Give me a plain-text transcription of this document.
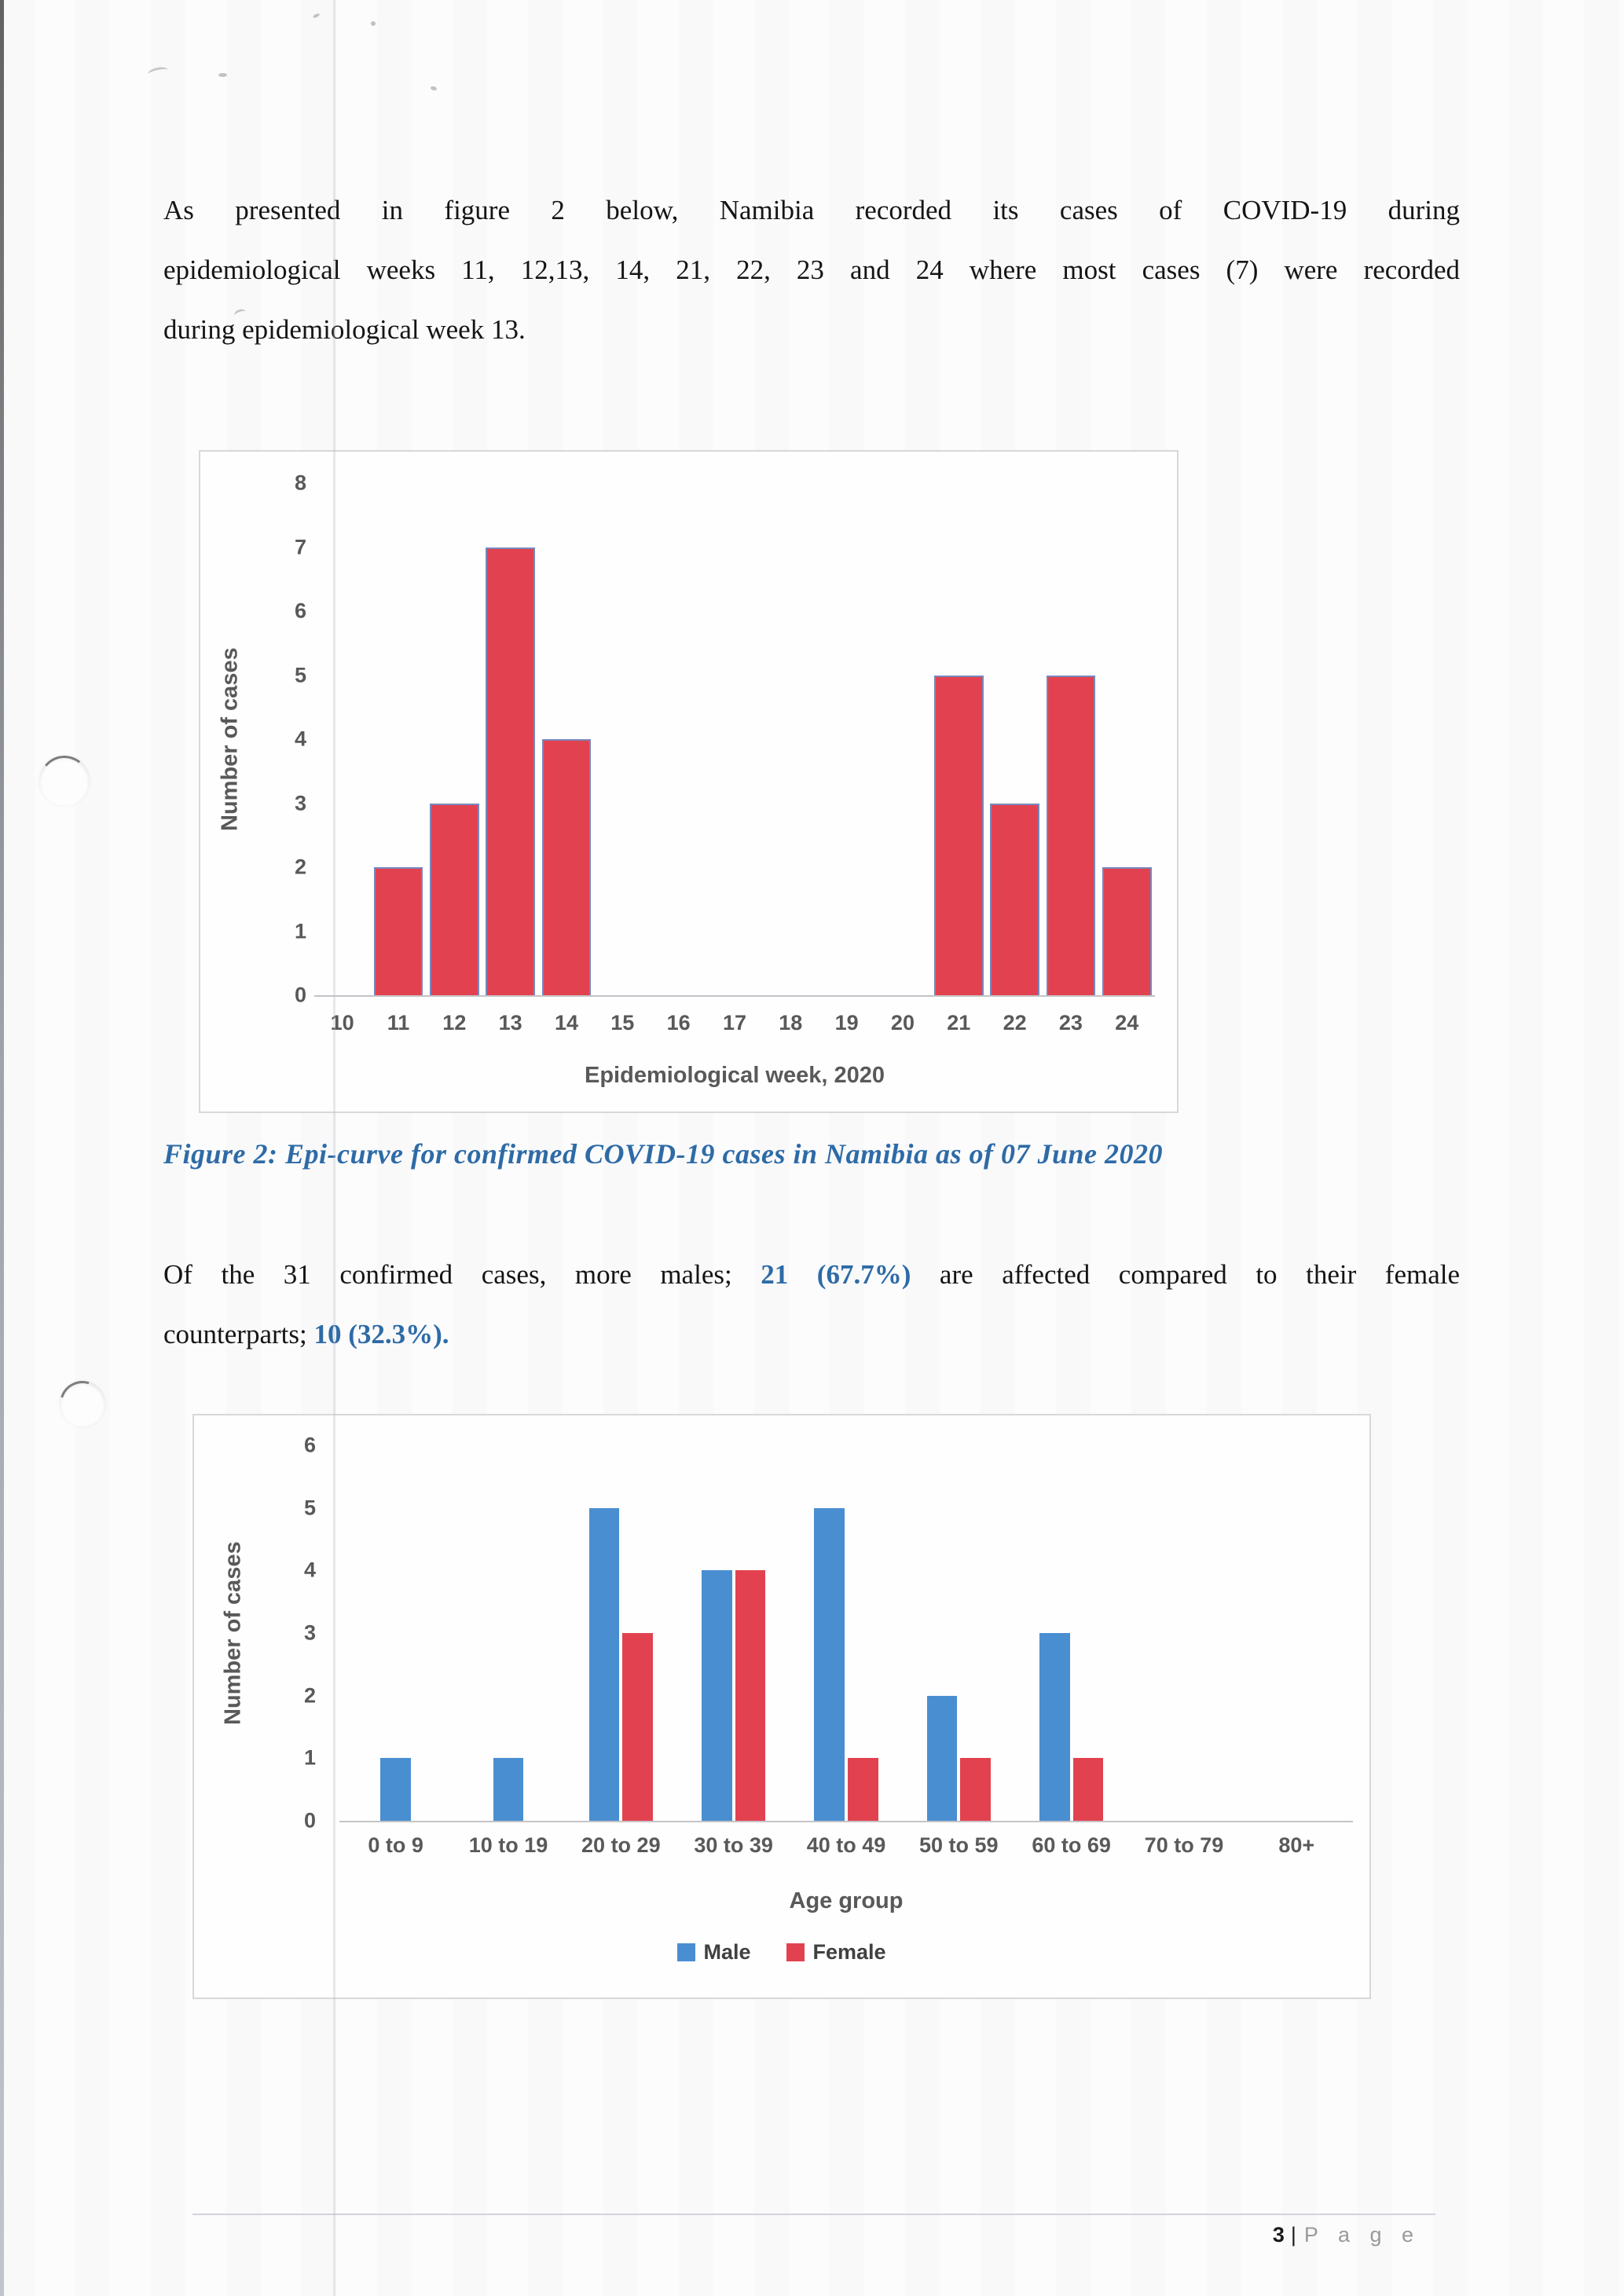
As presented in figure 2 below, Namibia recorded its cases of COVID-19 during
epidemiological weeks 11, 12,13, 14, 21, 22, 23 and 24 where most cases (7) were recorded
during epidemiological week 13.
Number of cases
0
1
2
3
4
5
6
7
8
10	11	12	13	14	15	16	17	18	19	20	21	22	23	24
Epidemiological week, 2020
Figure 2: Epi-curve for confirmed COVID-19 cases in Namibia as of 07 June 2020
Of the 31 confirmed cases, more males; 21 (67.7%) are affected compared to their female
counterparts; 10 (32.3%).
Number of cases
0
1
2
3
4
5
6
0 to 9	10 to 19	20 to 29	30 to 39	40 to 49	50 to 59	60 to 69	70 to 79	80+
Age group
Male	Female
3 | P a g e
